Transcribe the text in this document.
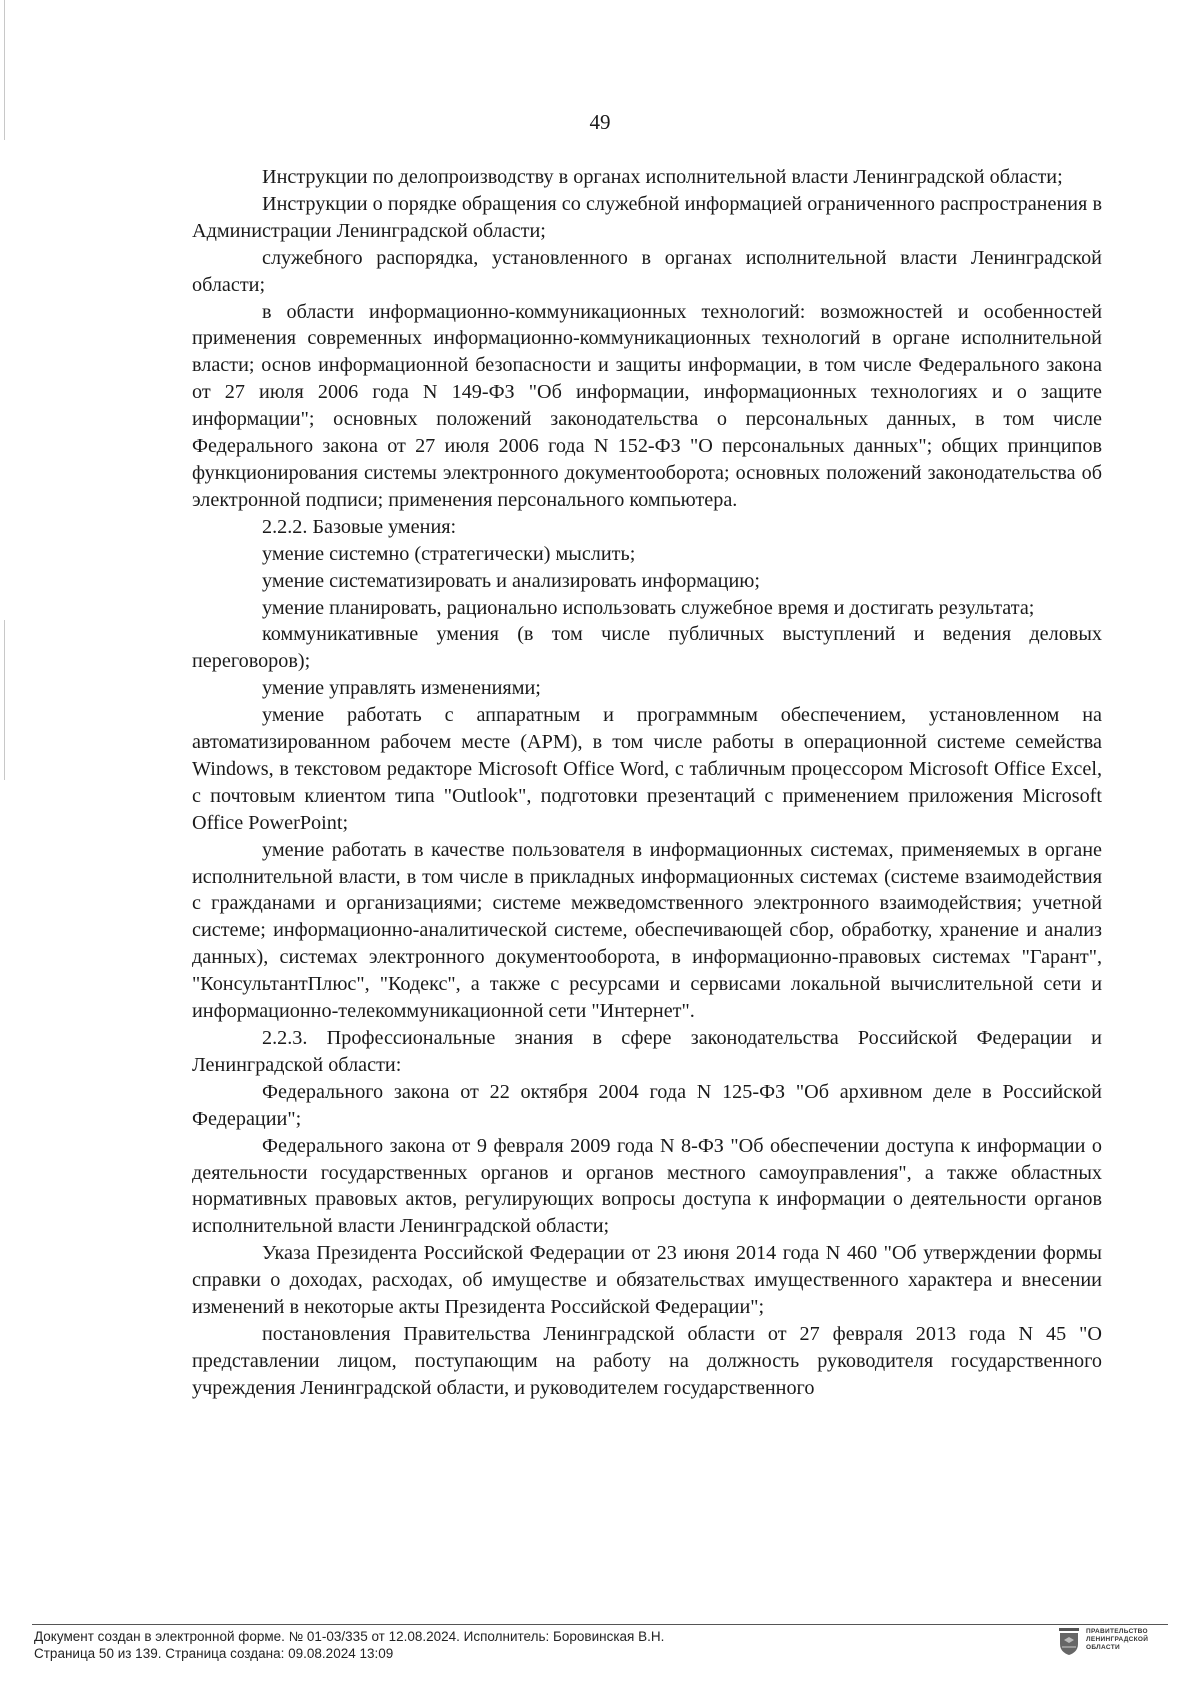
49

Инструкции по делопроизводству в органах исполнительной власти Ленинградской области;

Инструкции о порядке обращения со служебной информацией ограниченного распространения в Администрации Ленинградской области;

служебного распорядка, установленного в органах исполнительной власти Ленинградской области;

в области информационно-коммуникационных технологий: возможностей и особенностей применения современных информационно-коммуникационных технологий в органе исполнительной власти; основ информационной безопасности и защиты информации, в том числе Федерального закона от 27 июля 2006 года N 149-ФЗ "Об информации, информационных технологиях и о защите информации"; основных положений законодательства о персональных данных, в том числе Федерального закона от 27 июля 2006 года N 152-ФЗ "О персональных данных"; общих принципов функционирования системы электронного документооборота; основных положений законодательства об электронной подписи; применения персонального компьютера.

2.2.2. Базовые умения:

умение системно (стратегически) мыслить;

умение систематизировать и анализировать информацию;

умение планировать, рационально использовать служебное время и достигать результата;

коммуникативные умения (в том числе публичных выступлений и ведения деловых переговоров);

умение управлять изменениями;

умение работать с аппаратным и программным обеспечением, установленном на автоматизированном рабочем месте (АРМ), в том числе работы в операционной системе семейства Windows, в текстовом редакторе Microsoft Office Word, с табличным процессором Microsoft Office Excel, с почтовым клиентом типа "Outlook", подготовки презентаций с применением приложения Microsoft Office PowerPoint;

умение работать в качестве пользователя в информационных системах, применяемых в органе исполнительной власти, в том числе в прикладных информационных системах (системе взаимодействия с гражданами и организациями; системе межведомственного электронного взаимодействия; учетной системе; информационно-аналитической системе, обеспечивающей сбор, обработку, хранение и анализ данных), системах электронного документооборота, в информационно-правовых системах "Гарант", "КонсультантПлюс", "Кодекс", а также с ресурсами и сервисами локальной вычислительной сети и информационно-телекоммуникационной сети "Интернет".

2.2.3. Профессиональные знания в сфере законодательства Российской Федерации и Ленинградской области:

Федерального закона от 22 октября 2004 года N 125-ФЗ "Об архивном деле в Российской Федерации";

Федерального закона от 9 февраля 2009 года N 8-ФЗ "Об обеспечении доступа к информации о деятельности государственных органов и органов местного самоуправления", а также областных нормативных правовых актов, регулирующих вопросы доступа к информации о деятельности органов исполнительной власти Ленинградской области;

Указа Президента Российской Федерации от 23 июня 2014 года N 460 "Об утверждении формы справки о доходах, расходах, об имуществе и обязательствах имущественного характера и внесении изменений в некоторые акты Президента Российской Федерации";

постановления Правительства Ленинградской области от 27 февраля 2013 года N 45 "О представлении лицом, поступающим на работу на должность руководителя государственного учреждения Ленинградской области, и руководителем государственного

Документ создан в электронной форме. № 01-03/335 от 12.08.2024. Исполнитель: Боровинская В.Н.
Страница 50 из 139. Страница создана: 09.08.2024 13:09
ПРАВИТЕЛЬСТВО
ЛЕНИНГРАДСКОЙ
ОБЛАСТИ
